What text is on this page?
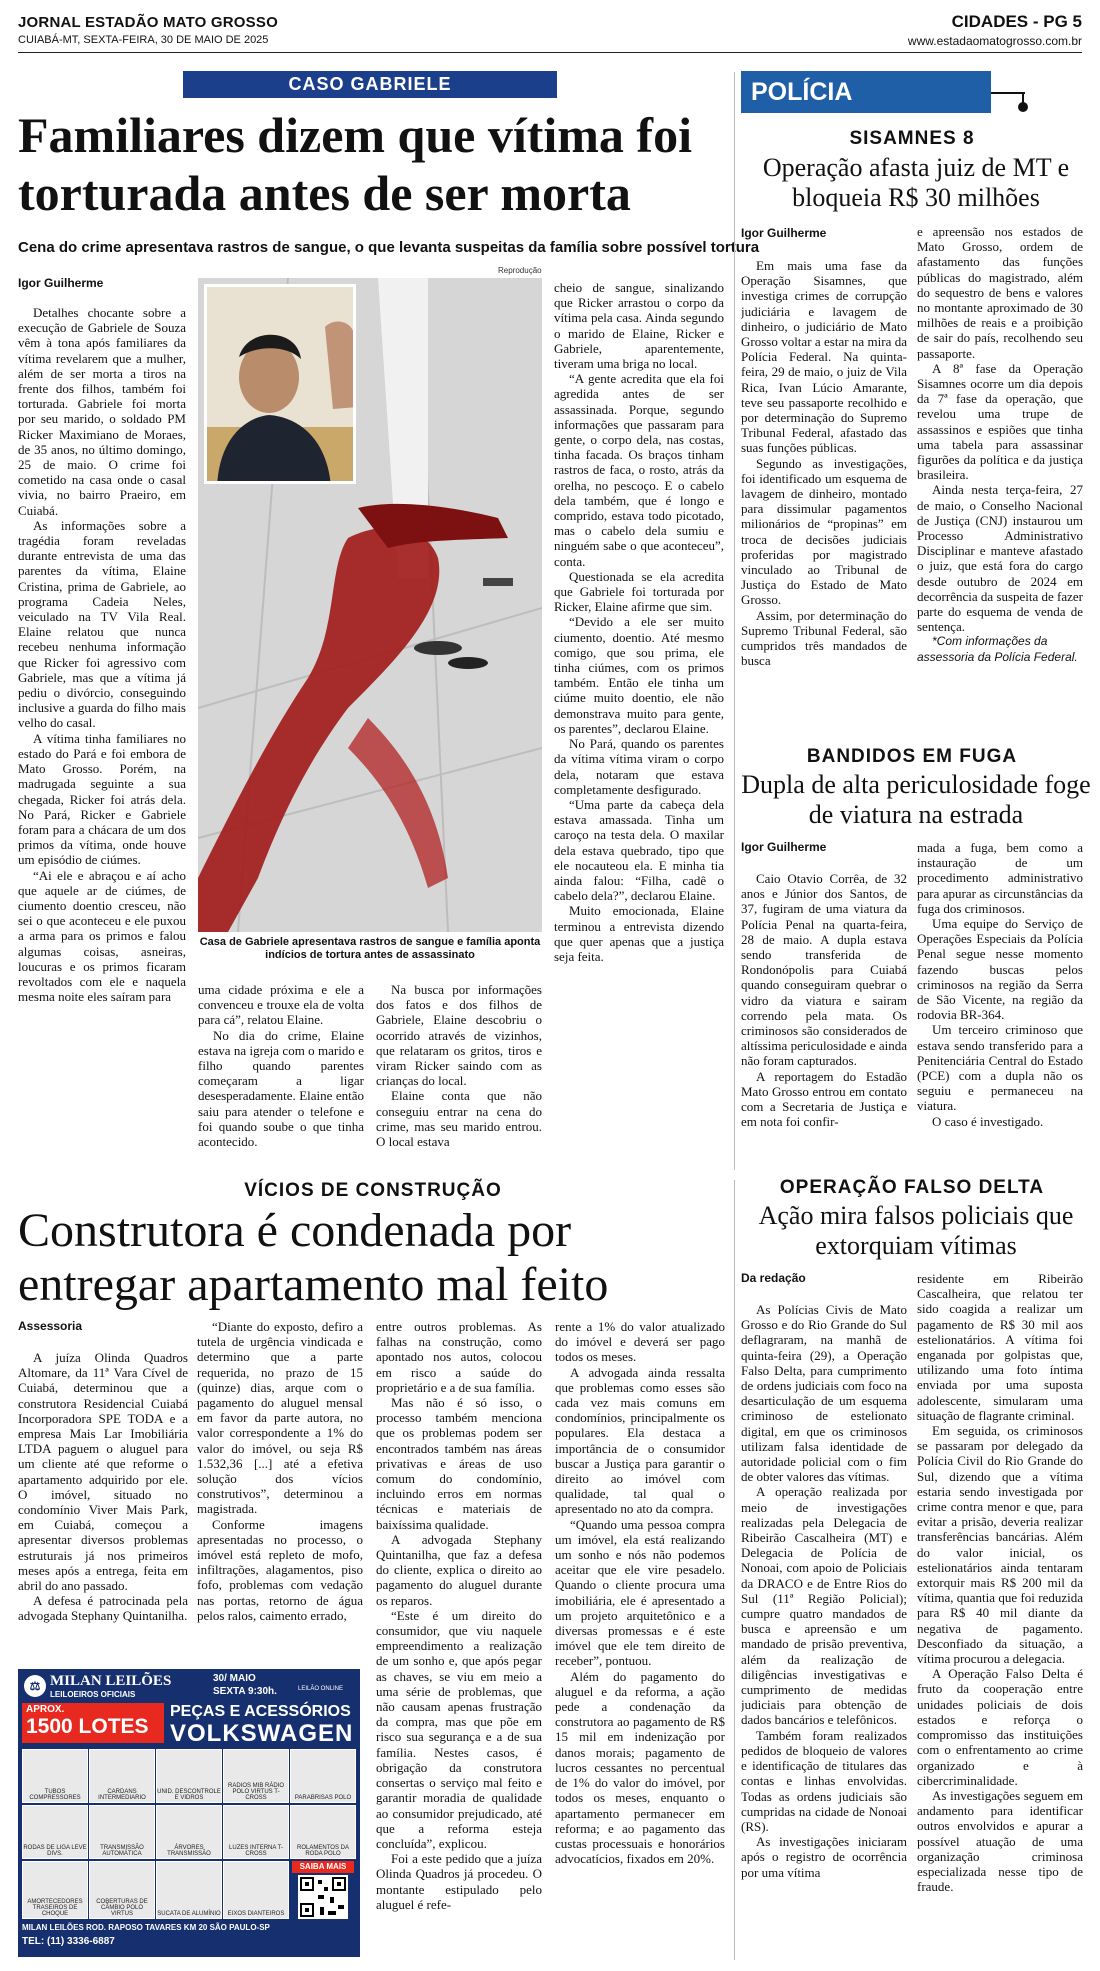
JORNAL ESTADÃO MATO GROSSO
CUIABÁ-MT, SEXTA-FEIRA, 30 DE MAIO DE 2025
CIDADES - PG 5
www.estadaomatogrosso.com.br
CASO GABRIELE
Familiares dizem que vítima foi torturada antes de ser morta
Cena do crime apresentava rastros de sangue, o que levanta suspeitas da família sobre possível tortura
Igor Guilherme
Reprodução
Casa de Gabriele apresentava rastros de sangue e família aponta indícios de tortura antes de assassinato

Detalhes chocante sobre a execução de Gabriele de Souza vêm à tona após familiares da vítima revelarem que a mulher, além de ser morta a tiros na frente dos filhos, também foi torturada. Gabriele foi morta por seu marido, o soldado PM Ricker Maximiano de Moraes, de 35 anos, no último domingo, 25 de maio. O crime foi cometido na casa onde o casal vivia, no bairro Praeiro, em Cuiabá.

As informações sobre a tragédia foram reveladas durante entrevista de uma das parentes da vítima, Elaine Cristina, prima de Gabriele, ao programa Cadeia Neles, veiculado na TV Vila Real. Elaine relatou que nunca recebeu nenhuma informação que Ricker foi agressivo com Gabriele, mas que a vítima já pediu o divórcio, conseguindo inclusive a guarda do filho mais velho do casal.

A vítima tinha familiares no estado do Pará e foi embora de Mato Grosso. Porém, na madrugada seguinte a sua chegada, Ricker foi atrás dela. No Pará, Ricker e Gabriele foram para a chácara de um dos primos da vítima, onde houve um episódio de ciúmes.

“Ai ele e abraçou e aí acho que aquele ar de ciúmes, de ciumento doentio cresceu, não sei o que aconteceu e ele puxou a arma para os primos e falou algumas coisas, asneiras, loucuras e os primos ficaram revoltados com ele e naquela mesma noite eles saíram para	uma cidade próxima e ele a convenceu e trouxe ela de volta para cá”, relatou Elaine.

No dia do crime, Elaine estava na igreja com o marido e filho quando parentes começaram a ligar desesperadamente. Elaine então saiu para atender o telefone e foi quando soube o que tinha acontecido.

Na busca por informações dos fatos e dos filhos de Gabriele, Elaine descobriu o ocorrido através de vizinhos, que relataram os gritos, tiros e viram Ricker saindo com as crianças do local.

Elaine conta que não conseguiu entrar na cena do crime, mas seu marido entrou. O local estava

cheio de sangue, sinalizando que Ricker arrastou o corpo da vítima pela casa. Ainda segundo o marido de Elaine, Ricker e Gabriele, aparentemente, tiveram uma briga no local.

“A gente acredita que ela foi agredida antes de ser assassinada. Porque, segundo informações que passaram para gente, o corpo dela, nas costas, tinha facada. Os braços tinham rastros de faca, o rosto, atrás da orelha, no pescoço. E o cabelo dela também, que é longo e comprido, estava todo picotado, mas o cabelo dela sumiu e ninguém sabe o que aconteceu”, conta.

Questionada se ela acredita que Gabriele foi torturada por Ricker, Elaine afirme que sim.

“Devido a ele ser muito ciumento, doentio. Até mesmo comigo, que sou prima, ele tinha ciúmes, com os primos também. Então ele tinha um ciúme muito doentio, ele não demonstrava muito para gente, os parentes”, declarou Elaine.

No Pará, quando os parentes da vítima vítima viram o corpo dela, notaram que estava completamente desfigurado.

“Uma parte da cabeça dela estava amassada. Tinha um caroço na testa dela. O maxilar dela estava quebrado, tipo que ele nocauteou ela. E minha tia ainda falou: “Filha, cadê o cabelo dela?”, declarou Elaine.

Muito emocionada, Elaine terminou a entrevista dizendo que quer apenas que a justiça seja feita.

POLÍCIA
SISAMNES 8
Operação afasta juiz de MT e bloqueia R$ 30 milhões
Igor Guilherme

Em mais uma fase da Operação Sisamnes, que investiga crimes de corrupção judiciária e lavagem de dinheiro, o judiciário de Mato Grosso voltar a estar na mira da Polícia Federal. Na quinta-feira, 29 de maio, o juiz de Vila Rica, Ivan Lúcio Amarante, teve seu passaporte recolhido e por determinação do Supremo Tribunal Federal, afastado das suas funções públicas.

Segundo as investigações, foi identificado um esquema de lavagem de dinheiro, montado para dissimular pagamentos milionários de “propinas” em troca de decisões judiciais proferidas por magistrado vinculado ao Tribunal de Justiça do Estado de Mato Grosso.

Assim, por determinação do Supremo Tribunal Federal, são cumpridos três mandados de busca

e apreensão nos estados de Mato Grosso, ordem de afastamento das funções públicas do magistrado, além do sequestro de bens e valores no montante aproximado de 30 milhões de reais e a proibição de sair do país, recolhendo seu passaporte.

A 8ª fase da Operação Sisamnes ocorre um dia depois da 7ª fase da operação, que revelou uma trupe de assassinos e espiões que tinha uma tabela para assassinar figurões da política e da justiça brasileira.

Ainda nesta terça-feira, 27 de maio, o Conselho Nacional de Justiça (CNJ) instaurou um Processo Administrativo Disciplinar e manteve afastado o juiz, que está fora do cargo desde outubro de 2024 em decorrência da suspeita de fazer parte do esquema de venda de sentença.

*Com informações da assessoria da Polícia Federal.

BANDIDOS EM FUGA
Dupla de alta periculosidade foge de viatura na estrada
Igor Guilherme

Caio Otavio Corrêa, de 32 anos e Júnior dos Santos, de 37, fugiram de uma viatura da Polícia Penal na quarta-feira, 28 de maio. A dupla estava sendo transferida de Rondonópolis para Cuiabá quando conseguiram quebrar o vidro da viatura e sairam correndo pela mata. Os criminosos são considerados de altíssima periculosidade e ainda não foram capturados.

A reportagem do Estadão Mato Grosso entrou em contato com a Secretaria de Justiça e em nota foi confir-

mada a fuga, bem como a instauração de um procedimento administrativo para apurar as circunstâncias da fuga dos criminosos.

Uma equipe do Serviço de Operações Especiais da Polícia Penal segue nesse momento fazendo buscas pelos criminosos na região da Serra de São Vicente, na região da rodovia BR-364.

Um terceiro criminoso que estava sendo transferido para a Penitenciária Central do Estado (PCE) com a dupla não os seguiu e permaneceu na viatura.

O caso é investigado.

VÍCIOS DE CONSTRUÇÃO
Construtora é condenada por entregar apartamento mal feito
Assessoria

A juíza Olinda Quadros Altomare, da 11ª Vara Cível de Cuiabá, determinou que a construtora Residencial Cuiabá Incorporadora SPE TODA e a empresa Mais Lar Imobiliária LTDA paguem o aluguel para um cliente até que reforme o apartamento adquirido por ele. O imóvel, situado no condomínio Viver Mais Park, em Cuiabá, começou a apresentar diversos problemas estruturais já nos primeiros meses após a entrega, feita em abril do ano passado.

A defesa é patrocinada pela advogada Stephany Quintanilha.

“Diante do exposto, defiro a tutela de urgência vindicada e determino que a parte requerida, no prazo de 15 (quinze) dias, arque com o pagamento do aluguel mensal em favor da parte autora, no valor correspondente a 1% do valor do imóvel, ou seja R$ 1.532,36 [...] até a efetiva solução dos vícios construtivos”, determinou a magistrada.

Conforme imagens apresentadas no processo, o imóvel está repleto de mofo, infiltrações, alagamentos, piso fofo, problemas com vedação nas portas, retorno de água pelos ralos, caimento errado,

entre outros problemas. As falhas na construção, como apontado nos autos, colocou em risco a saúde do proprietário e a de sua família.

Mas não é só isso, o processo também menciona que os problemas podem ser encontrados também nas áreas privativas e áreas de uso comum do condomínio, incluindo erros em normas técnicas e materiais de baixíssima qualidade.

A advogada Stephany Quintanilha, que faz a defesa do cliente, explica o direito ao pagamento do aluguel durante os reparos.

“Este é um direito do consumidor, que viu naquele empreendimento a realização de um sonho e, que após pegar as chaves, se viu em meio a uma série de problemas, que não causam apenas frustração da compra, mas que põe em risco sua segurança e a de sua família. Nestes casos, é obrigação da construtora consertas o serviço mal feito e garantir moradia de qualidade ao consumidor prejudicado, até que a reforma esteja concluída”, explicou.

Foi a este pedido que a juíza Olinda Quadros já procedeu. O montante estipulado pelo aluguel é refe-

rente a 1% do valor atualizado do imóvel e deverá ser pago todos os meses.

A advogada ainda ressalta que problemas como esses são cada vez mais comuns em condomínios, principalmente os populares. Ela destaca a importância de o consumidor buscar a Justiça para garantir o direito ao imóvel com qualidade, tal qual o apresentado no ato da compra.

“Quando uma pessoa compra um imóvel, ela está realizando um sonho e nós não podemos aceitar que ele vire pesadelo. Quando o cliente procura uma imobiliária, ele é apresentado a um projeto arquitetônico e a diversas promessas e é este imóvel que ele tem direito de receber”, pontuou.

Além do pagamento do aluguel e da reforma, a ação pede a condenação da construtora ao pagamento de R$ 15 mil em indenização por danos morais; pagamento de lucros cessantes no percentual de 1% do valor do imóvel, por todos os meses, enquanto o apartamento permanecer em reforma; e ao pagamento das custas processuais e honorários advocatícios, fixados em 20%.

OPERAÇÃO FALSO DELTA
Ação mira falsos policiais que extorquiam vítimas
Da redação

As Polícias Civis de Mato Grosso e do Rio Grande do Sul deflagraram, na manhã de quinta-feira (29), a Operação Falso Delta, para cumprimento de ordens judiciais com foco na desarticulação de um esquema criminoso de estelionato digital, em que os criminosos utilizam falsa identidade de autoridade policial com o fim de obter valores das vítimas.

A operação realizada por meio de investigações realizadas pela Delegacia de Ribeirão Cascalheira (MT) e Delegacia de Polícia de Nonoai, com apoio de Policiais da DRACO e de Entre Rios do Sul (11ª Região Policial); cumpre quatro mandados de busca e apreensão e um mandado de prisão preventiva, além da realização de diligências investigativas e cumprimento de medidas judiciais para obtenção de dados bancários e telefônicos.

Também foram realizados pedidos de bloqueio de valores e identificação de titulares das contas e linhas envolvidas. Todas as ordens judiciais são cumpridas na cidade de Nonoai (RS).

As investigações iniciaram após o registro de ocorrência por uma vítima

residente em Ribeirão Cascalheira, que relatou ter sido coagida a realizar um pagamento de R$ 30 mil aos estelionatários. A vítima foi enganada por golpistas que, utilizando uma foto íntima enviada por uma suposta adolescente, simularam uma situação de flagrante criminal.

Em seguida, os criminosos se passaram por delegado da Polícia Civil do Rio Grande do Sul, dizendo que a vítima estaria sendo investigada por crime contra menor e que, para evitar a prisão, deveria realizar transferências bancárias. Além do valor inicial, os estelionatários ainda tentaram extorquir mais R$ 200 mil da vítima, quantia que foi reduzida para R$ 40 mil diante da negativa de pagamento. Desconfiado da situação, a vítima procurou a delegacia.

A Operação Falso Delta é fruto da cooperação entre unidades policiais de dois estados e reforça o compromisso das instituições com o enfrentamento ao crime organizado e à cibercriminalidade.

As investigações seguem em andamento para identificar outros envolvidos e apurar a possível atuação de uma organização criminosa especializada nesse tipo de fraude.

⚖ MILAN LEILÕES
LEILOEIROS OFICIAIS
30/ MAIO
SEXTA 9:30h.	LEILÃO ONLINE
APROX.
1500 LOTES
PEÇAS E ACESSÓRIOS
VOLKSWAGEN
TUBOS COMPRESSORES
CARDANS INTERMEDIARIO
UNID. DESCONTROLE E VIDROS
RADIOS MIB RÁDIO POLO VIRTUS T-CROSS	PARABRISAS POLO
RODAS DE LIGA LEVE DIVS.
TRANSMISSÃO AUTOMÁTICA
ÁRVORES TRANSMISSÃO
LUZES INTERNA T-CROSS
ROLAMENTOS DA RODA POLO
AMORTECEDORES TRASEIROS DE CHOQUE
COBERTURAS DE CÂMBIO POLO VIRTUS	SUCATA DE ALUMÍNIO	EIXOS DIANTEIROS
SAIBA MAIS
MILAN LEILÕES ROD. RAPOSO TAVARES KM 20 SÃO PAULO-SP
TEL: (11) 3336-6887
